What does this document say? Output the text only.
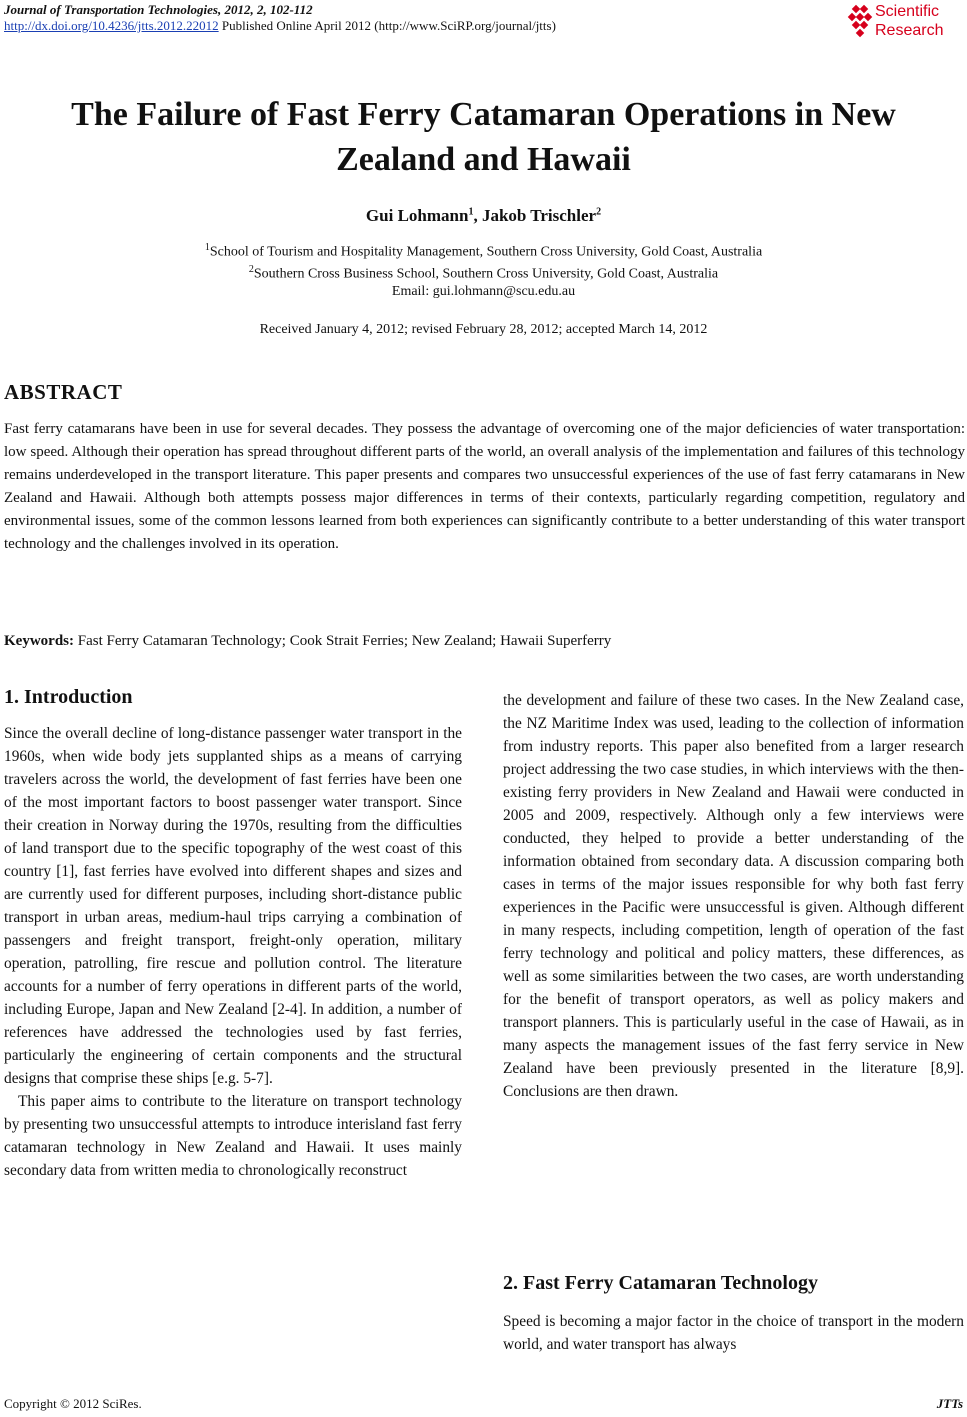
Journal of Transportation Technologies, 2012, 2, 102-112
http://dx.doi.org/10.4236/jtts.2012.22012 Published Online April 2012 (http://www.SciRP.org/journal/jtts)
Scientific
Research
The Failure of Fast Ferry Catamaran Operations in New Zealand and Hawaii
Gui Lohmann$^1$, Jakob Trischler$^2$
$^1$School of Tourism and Hospitality Management, Southern Cross University, Gold Coast, Australia
$^2$Southern Cross Business School, Southern Cross University, Gold Coast, Australia
Email: gui.lohmann@scu.edu.au
Received January 4, 2012; revised February 28, 2012; accepted March 14, 2012
ABSTRACT
Fast ferry catamarans have been in use for several decades. They possess the advantage of overcoming one of the major deficiencies of water transportation: low speed. Although their operation has spread throughout different parts of the world, an overall analysis of the implementation and failures of this technology remains underdeveloped in the transport literature. This paper presents and compares two unsuccessful experiences of the use of fast ferry catamarans in New Zealand and Hawaii. Although both attempts possess major differences in terms of their contexts, particularly regarding competition, regulatory and environmental issues, some of the common lessons learned from both experiences can significantly contribute to a better understanding of this water transport technology and the challenges involved in its operation.
Keywords: Fast Ferry Catamaran Technology; Cook Strait Ferries; New Zealand; Hawaii Superferry
1. Introduction

Since the overall decline of long-distance passenger water transport in the 1960s, when wide body jets supplanted ships as a means of carrying travelers across the world, the development of fast ferries have been one of the most important factors to boost passenger water transport. Since their creation in Norway during the 1970s, resulting from the difficulties of land transport due to the specific topography of the west coast of this country [1], fast ferries have evolved into different shapes and sizes and are currently used for different purposes, including short-distance public transport in urban areas, medium-haul trips carrying a combination of passengers and freight transport, freight-only operation, military operation, patrolling, fire rescue and pollution control. The literature accounts for a number of ferry operations in different parts of the world, including Europe, Japan and New Zealand [2-4]. In addition, a number of references have addressed the technologies used by fast ferries, particularly the engineering of certain components and the structural designs that comprise these ships [e.g. 5-7].

This paper aims to contribute to the literature on transport technology by presenting two unsuccessful attempts to introduce interisland fast ferry catamaran technology in New Zealand and Hawaii. It uses mainly secondary data from written media to chronologically reconstruct

the development and failure of these two cases. In the New Zealand case, the NZ Maritime Index was used, leading to the collection of information from industry reports. This paper also benefited from a larger research project addressing the two case studies, in which interviews with the then-existing ferry providers in New Zealand and Hawaii were conducted in 2005 and 2009, respectively. Although only a few interviews were conducted, they helped to provide a better understanding of the information obtained from secondary data. A discussion comparing both cases in terms of the major issues responsible for why both fast ferry experiences in the Pacific were unsuccessful is given. Although different in many respects, including competition, length of operation of the fast ferry technology and political and policy matters, these differences, as well as some similarities between the two cases, are worth understanding for the benefit of transport operators, as well as policy makers and transport planners. This is particularly useful in the case of Hawaii, as in many aspects the management issues of the fast ferry service in New Zealand have been previously presented in the literature [8,9]. Conclusions are then drawn.

2. Fast Ferry Catamaran Technology

Speed is becoming a major factor in the choice of transport in the modern world, and water transport has always

Copyright © 2012 SciRes.	JTTs
